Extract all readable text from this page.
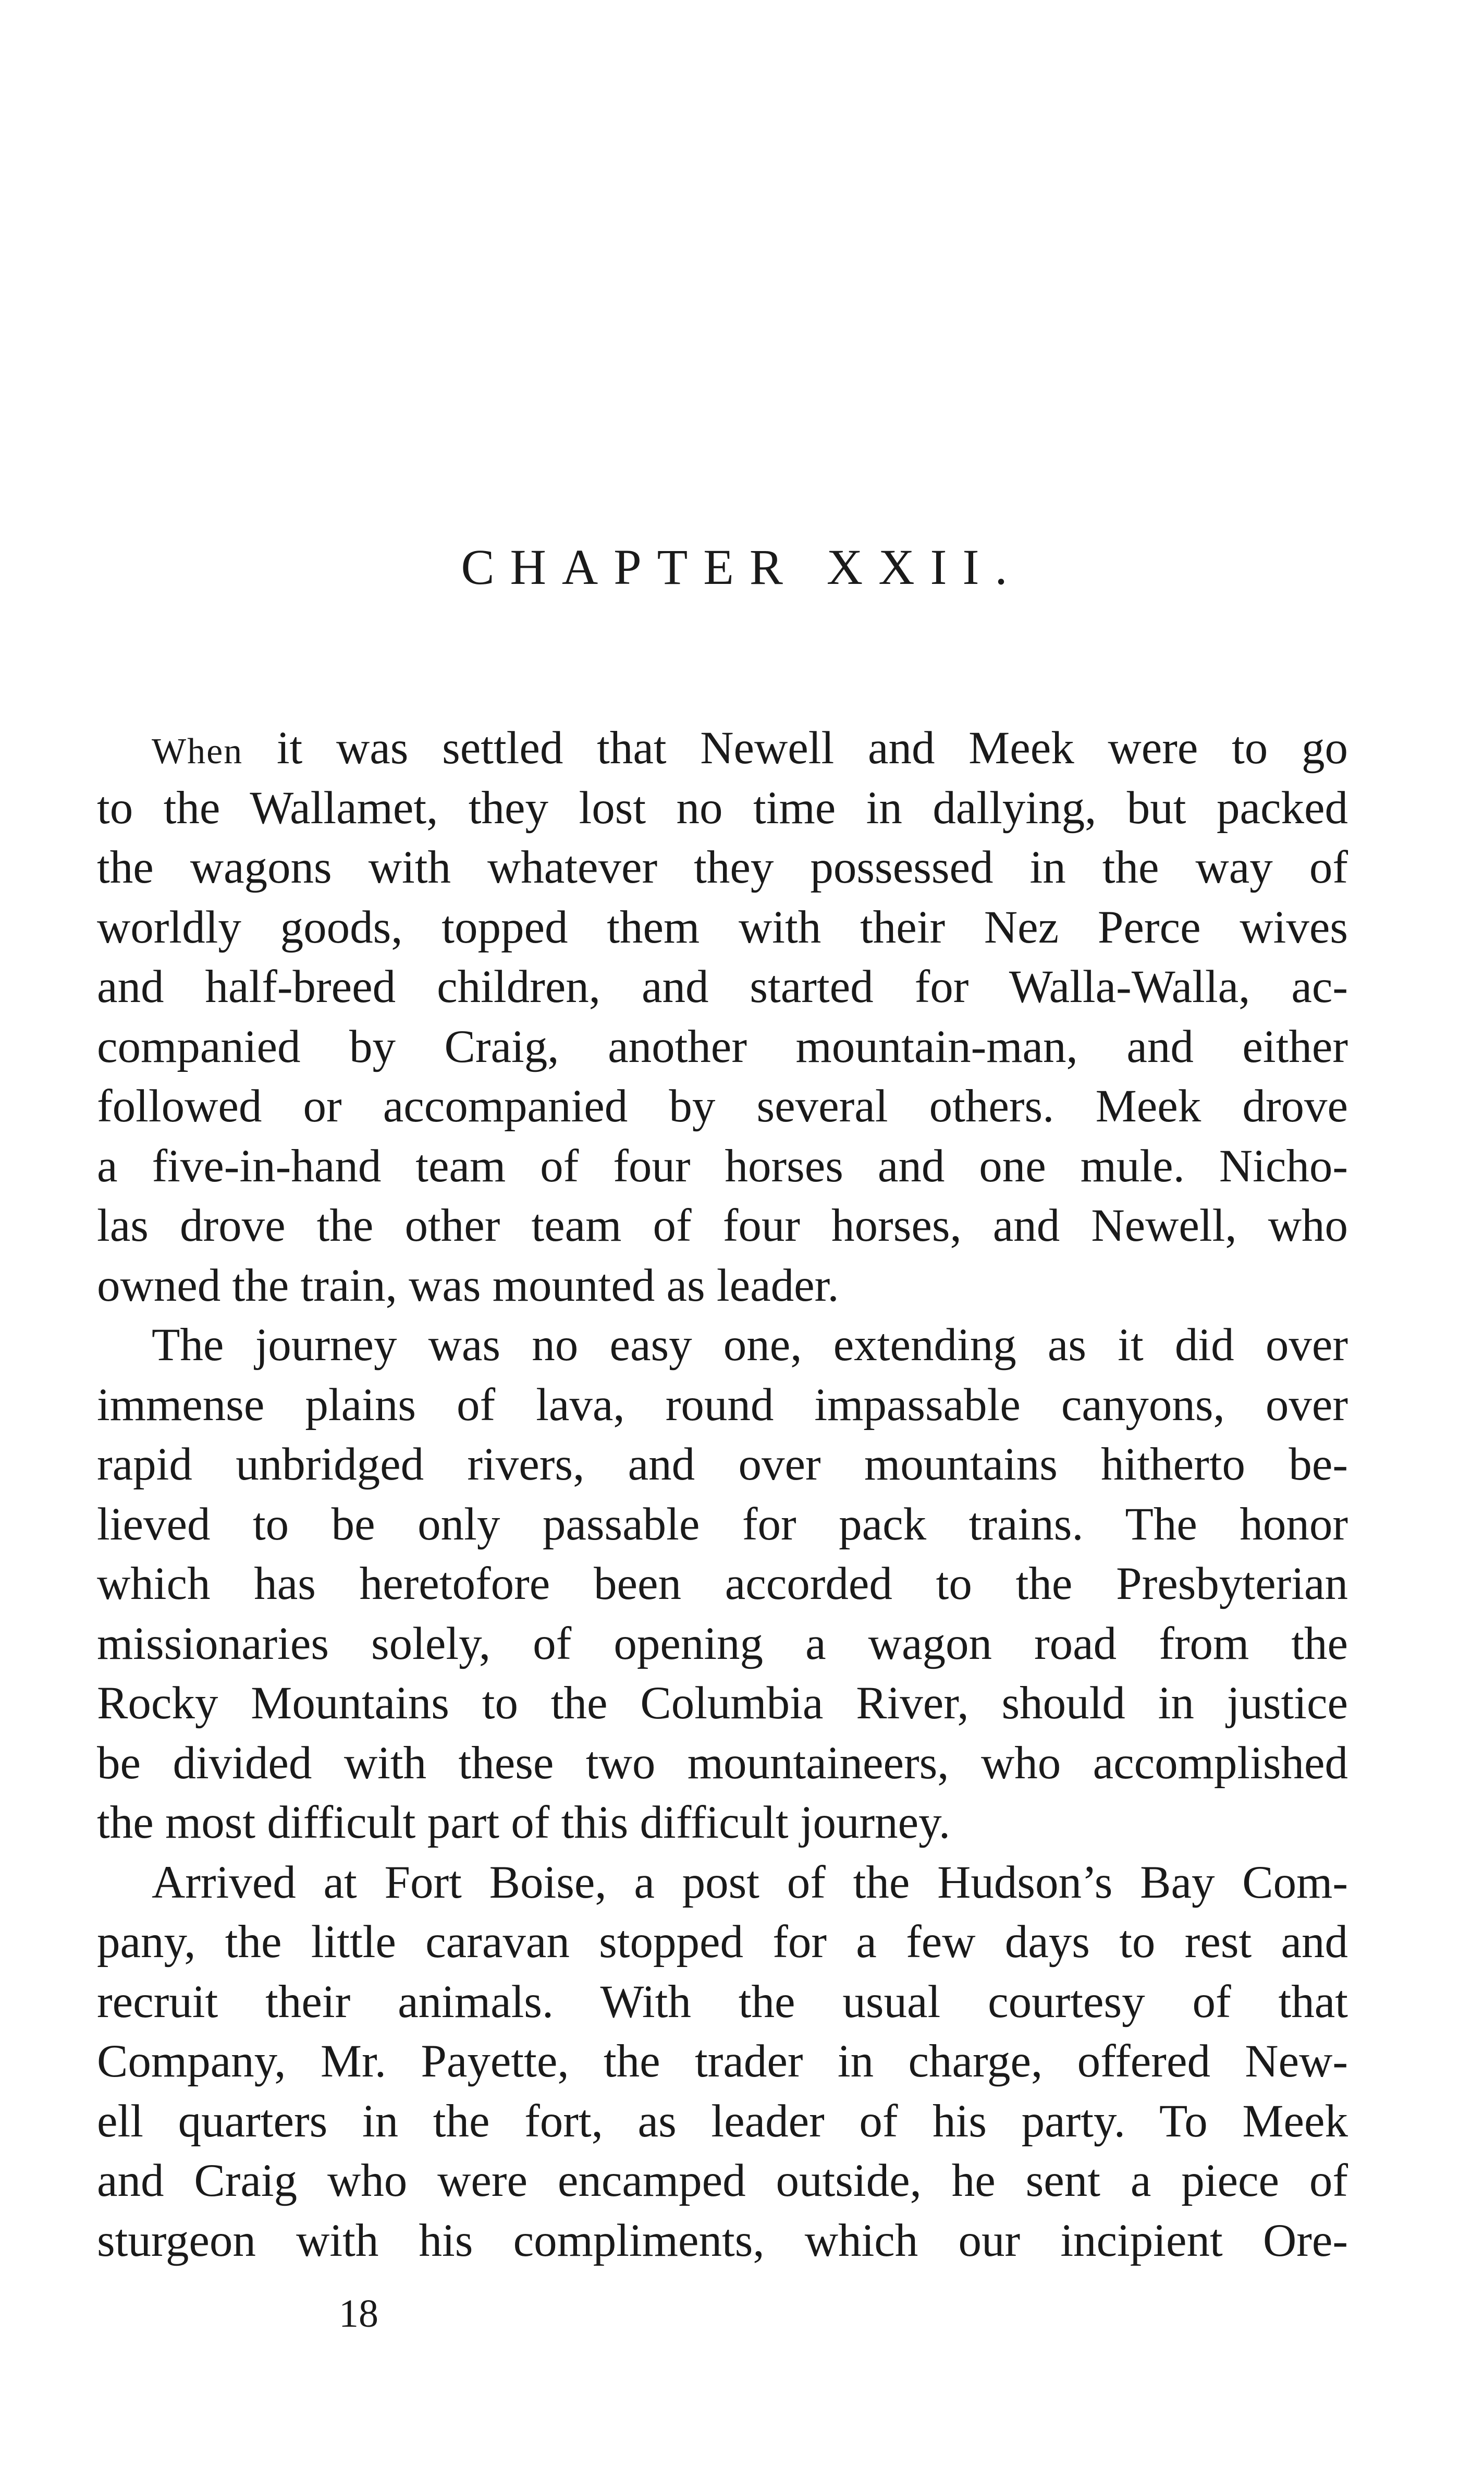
CHAPTER XXII.
When it was settled that Newell and Meek were to go
to the Wallamet, they lost no time in dallying, but packed
the wagons with whatever they possessed in the way of
worldly goods, topped them with their Nez Perce wives
and half-breed children, and started for Walla-Walla, ac-
companied by Craig, another mountain-man, and either
followed or accompanied by several others. Meek drove
a five-in-hand team of four horses and one mule. Nicho-
las drove the other team of four horses, and Newell, who
owned the train, was mounted as leader.
The journey was no easy one, extending as it did over
immense plains of lava, round impassable canyons, over
rapid unbridged rivers, and over mountains hitherto be-
lieved to be only passable for pack trains. The honor
which has heretofore been accorded to the Presbyterian
missionaries solely, of opening a wagon road from the
Rocky Mountains to the Columbia River, should in justice
be divided with these two mountaineers, who accomplished
the most difficult part of this difficult journey.
Arrived at Fort Boise, a post of the Hudson’s Bay Com-
pany, the little caravan stopped for a few days to rest and
recruit their animals. With the usual courtesy of that
Company, Mr. Payette, the trader in charge, offered New-
ell quarters in the fort, as leader of his party. To Meek
and Craig who were encamped outside, he sent a piece of
sturgeon with his compliments, which our incipient Ore-
18
